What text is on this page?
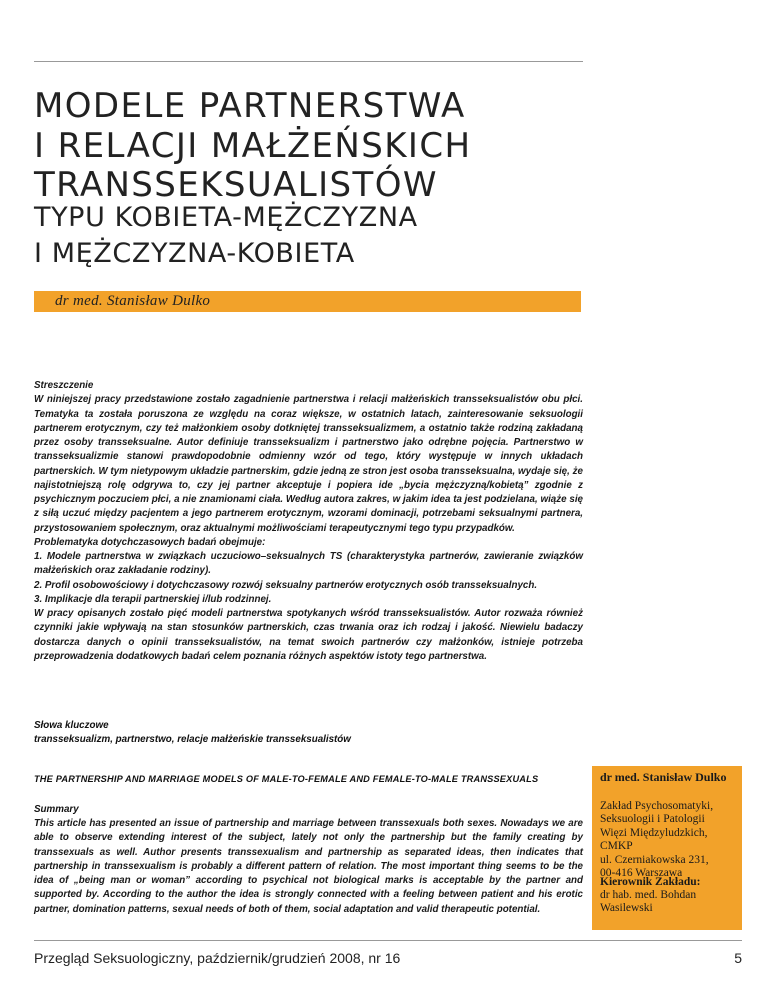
MODELE PARTNERSTWA
I RELACJI MAŁŻEŃSKICH
TRANSSEKSUALISTÓW
TYPU KOBIETA-MĘŻCZYZNA
I MĘŻCZYZNA-KOBIETA
dr med. Stanisław Dulko

Streszczenie

W niniejszej pracy przedstawione zostało zagadnienie partnerstwa i relacji małżeńskich transseksualistów obu płci. Tematyka ta została poruszona ze względu na coraz większe, w ostatnich latach, zainteresowanie seksuologii partnerem erotycznym, czy też małżonkiem osoby dotkniętej transseksualizmem, a ostatnio także rodziną zakładaną przez osoby transseksualne. Autor definiuje transseksualizm i partnerstwo jako odrębne pojęcia. Partnerstwo w transseksualizmie stanowi prawdopodobnie odmienny wzór od tego, który występuje w innych układach partnerskich. W tym nietypowym układzie partnerskim, gdzie jedną ze stron jest osoba transseksualna, wydaje się, że najistotniejszą rolę odgrywa to, czy jej partner akceptuje i popiera ide „bycia mężczyzną/kobietą” zgodnie z psychicznym poczuciem płci, a nie znamionami ciała. Według autora zakres, w jakim idea ta jest podzielana, wiąże się z siłą uczuć między pacjentem a jego partnerem erotycznym, wzorami dominacji, potrzebami seksualnymi partnera, przystosowaniem społecznym, oraz aktualnymi możliwościami terapeutycznymi tego typu przypadków.

Problematyka dotychczasowych badań obejmuje:

1. Modele partnerstwa w związkach uczuciowo–seksualnych TS (charakterystyka partnerów, zawieranie związków małżeńskich oraz zakładanie rodziny).

2. Profil osobowościowy i dotychczasowy rozwój seksualny partnerów erotycznych osób transseksualnych.

3. Implikacje dla terapii partnerskiej i/lub rodzinnej.

W pracy opisanych zostało pięć modeli partnerstwa spotykanych wśród transseksualistów. Autor rozważa również czynniki jakie wpływają na stan stosunków partnerskich, czas trwania oraz ich rodzaj i jakość. Niewielu badaczy dostarcza danych o opinii transseksualistów, na temat swoich partnerów czy małżonków, istnieje potrzeba przeprowadzenia dodatkowych badań celem poznania różnych aspektów istoty tego partnerstwa.

Słowa kluczowe
transseksualizm, partnerstwo, relacje małżeńskie transseksualistów
THE PARTNERSHIP AND MARRIAGE MODELS OF MALE-TO-FEMALE AND FEMALE-TO-MALE TRANSSEXUALS
Summary

This article has presented an issue of partnership and marriage between transsexuals both sexes. Nowadays we are able to observe extending interest of the subject, lately not only the partnership but the family creating by transsexuals as well. Author presents transsexualism and partnership as separated ideas, then indicates that partnership in transsexualism is probably a different pattern of relation. The most important thing seems to be the idea of „being man or woman” according to psychical not biological marks is acceptable by the partner and supported by. According to the author the idea is strongly connected with a feeling between patient and his erotic partner, domination patterns, sexual needs of both of them, social adaptation and valid therapeutic potential.

dr med. Stanisław Dulko
Zakład Psychosomatyki,
Seksuologii i Patologii
Więzi Międzyludzkich,
CMKP
ul. Czerniakowska 231,
00-416 Warszawa
Kierownik Zakładu:
dr hab. med. Bohdan Wasilewski
Przegląd Seksuologiczny, październik/grudzień 2008, nr 16	5
